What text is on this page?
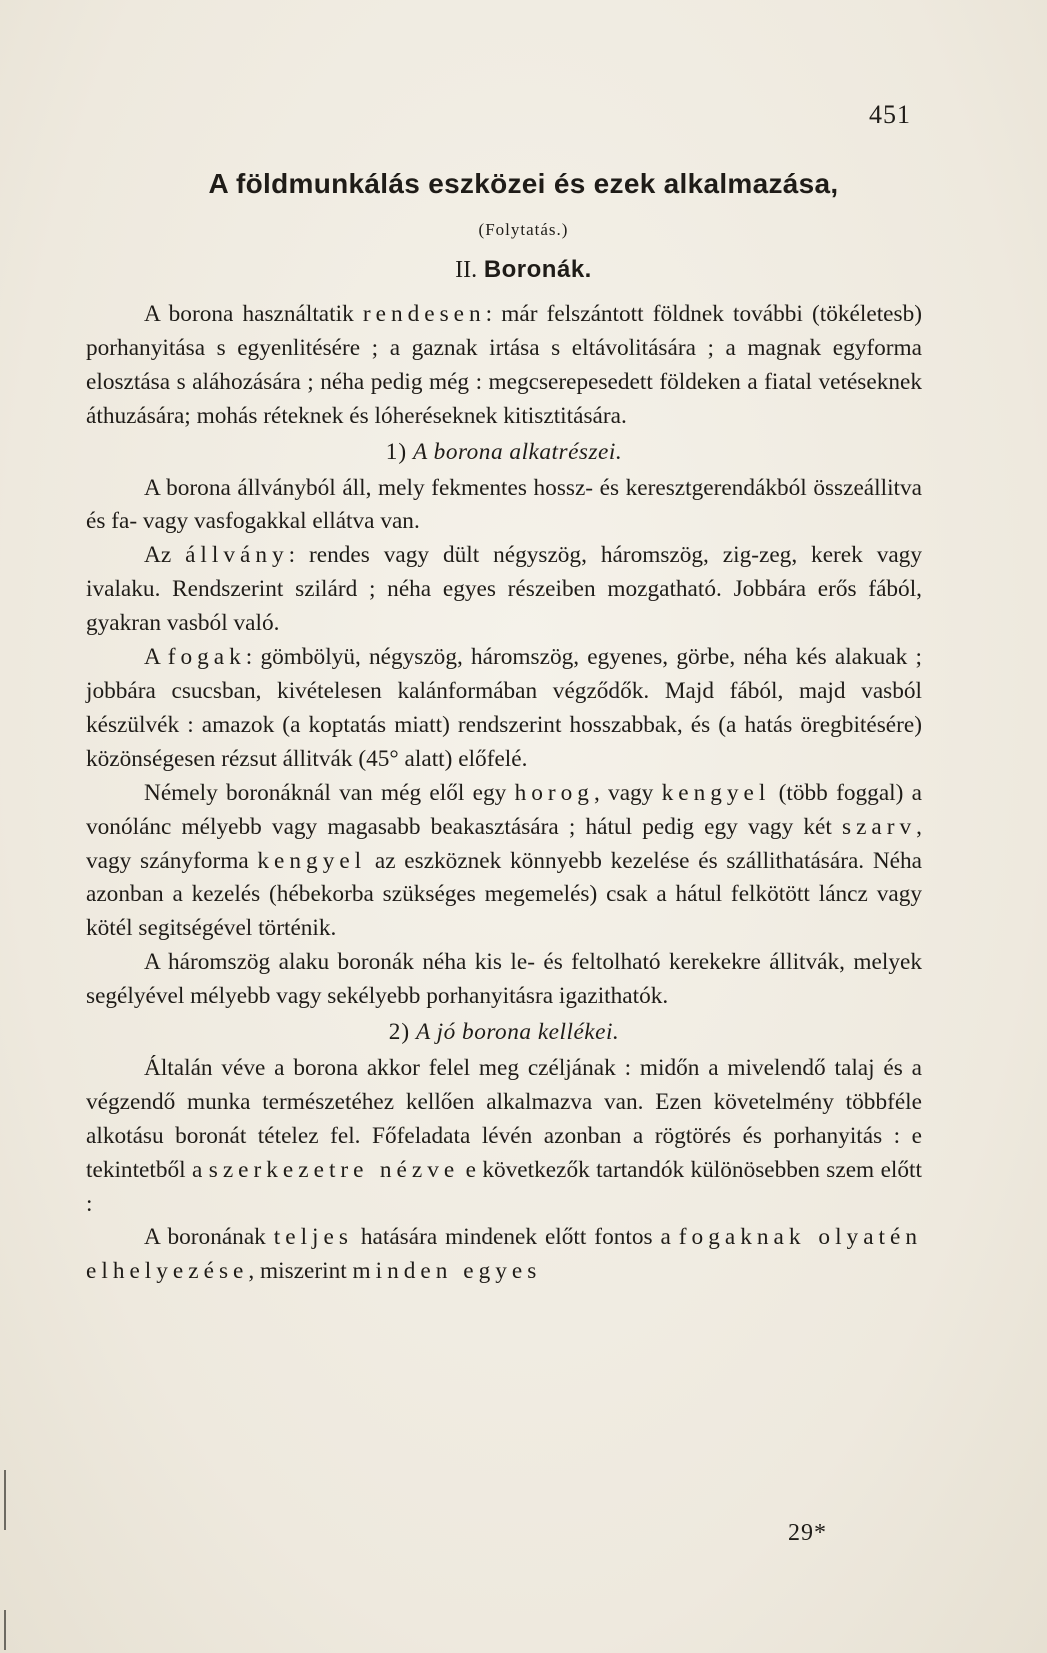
451
A földmunkálás eszközei és ezek alkalmazása,
(Folytatás.)
II. Boronák.

A borona használtatik rendesen: már felszántott földnek további (tökéletesb) porhanyitása s egyenlitésére ; a gaznak irtása s eltávolitására ; a magnak egyforma elosztása s aláhozására ; néha pedig még : megcserepesedett földeken a fiatal vetéseknek áthuzására; mohás réteknek és lóheréseknek kitisztitására.

1) A borona alkatrészei.

A borona állványból áll, mely fekmentes hossz- és keresztgerendákból összeállitva és fa- vagy vasfogakkal ellátva van.

Az állvány: rendes vagy dült négyszög, háromszög, zig-zeg, kerek vagy ivalaku. Rendszerint szilárd ; néha egyes részeiben mozgatható. Jobbára erős fából, gyakran vasból való.

A fogak: gömbölyü, négyszög, háromszög, egyenes, görbe, néha kés alakuak ; jobbára csucsban, kivételesen kalánformában végződők. Majd fából, majd vasból készülvék : amazok (a koptatás miatt) rendszerint hosszabbak, és (a hatás öregbitésére) közönségesen rézsut állitvák (45° alatt) előfelé.

Némely boronáknál van még elől egy horog, vagy kengyel (több foggal) a vonólánc mélyebb vagy magasabb beakasztására ; hátul pedig egy vagy két szarv, vagy szányforma kengyel az eszköznek könnyebb kezelése és szállithatására. Néha azonban a kezelés (hébekorba szükséges megemelés) csak a hátul felkötött láncz vagy kötél segitségével történik.

A háromszög alaku boronák néha kis le- és feltolható kerekekre állitvák, melyek segélyével mélyebb vagy sekélyebb porhanyitásra igazithatók.

2) A jó borona kellékei.

Általán véve a borona akkor felel meg czéljának : midőn a mivelendő talaj és a végzendő munka természetéhez kellően alkalmazva van. Ezen követelmény többféle alkotásu boronát tételez fel. Főfeladata lévén azonban a rögtörés és porhanyitás : e tekintetből a szerkezetre nézve e következők tartandók különösebben szem előtt :

A boronának teljes hatására mindenek előtt fontos a fogaknak olyatén elhelyezése, miszerint minden egyes

29*
